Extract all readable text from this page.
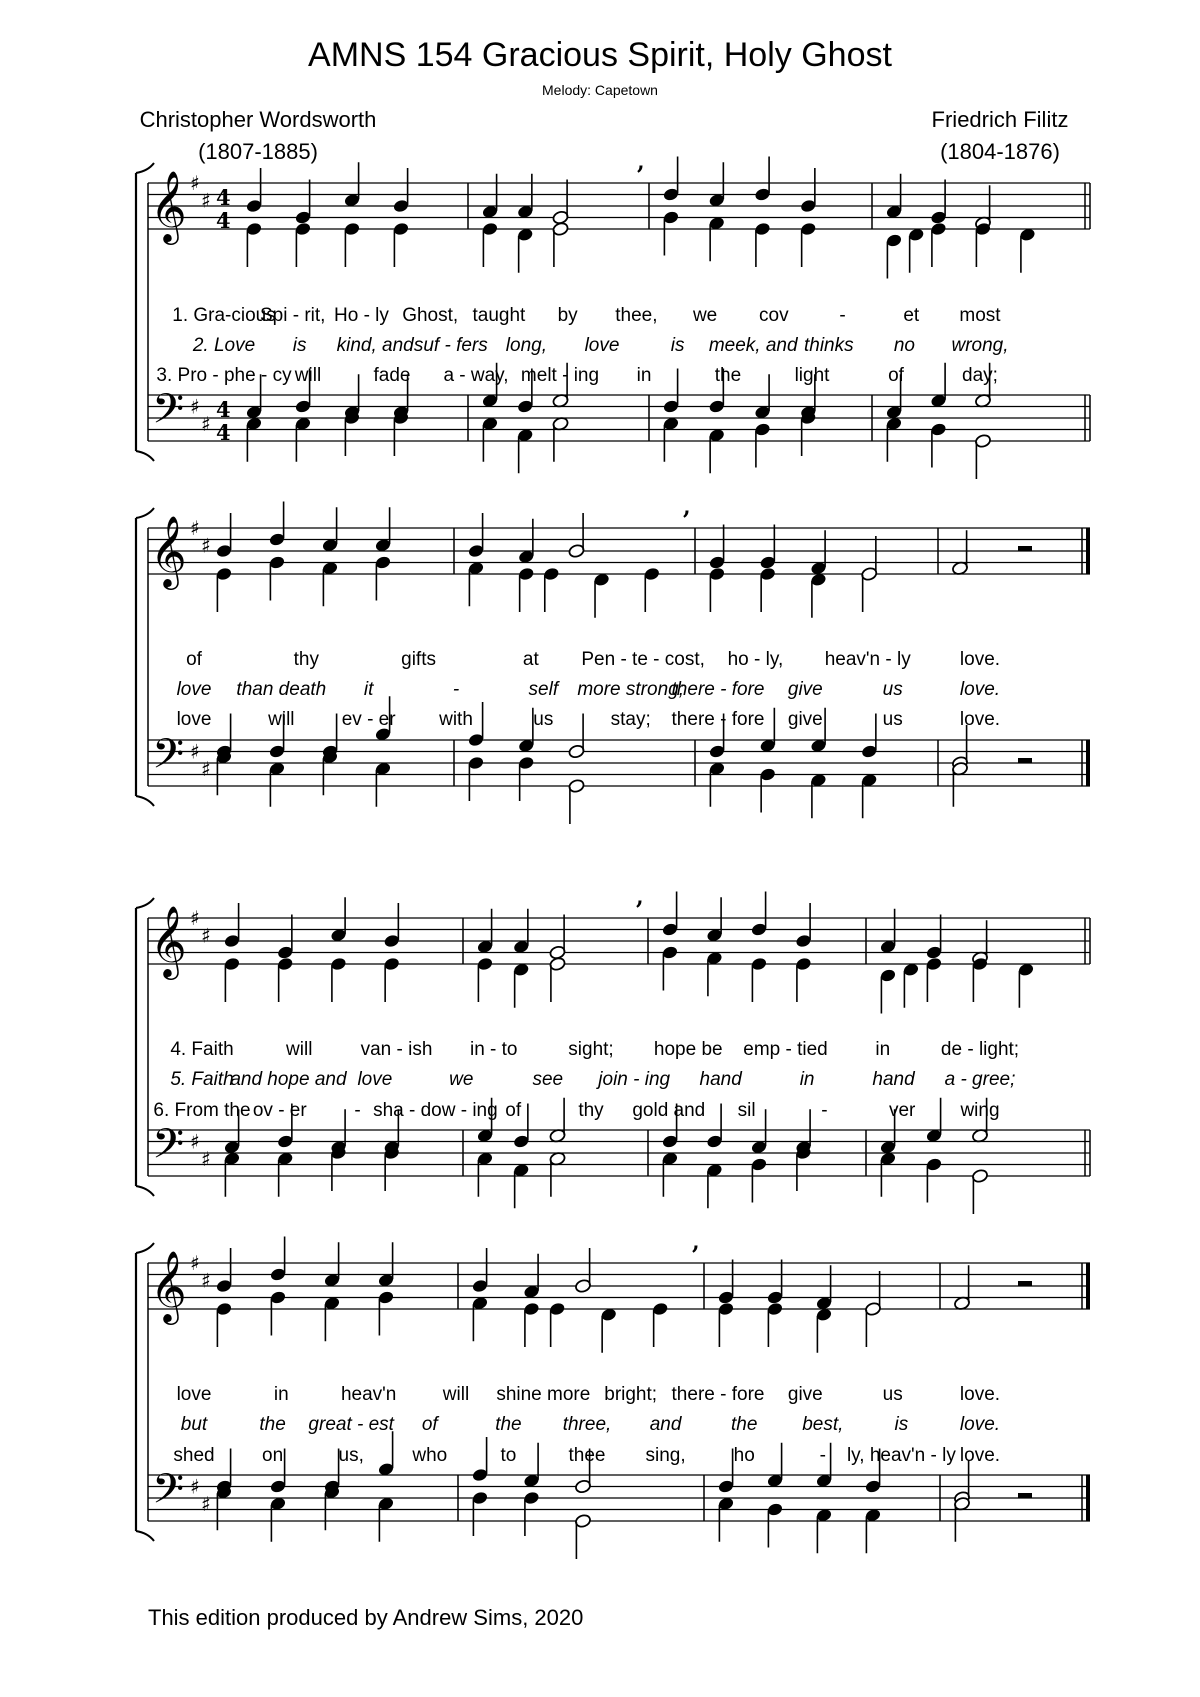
AMNS 154 Gracious Spirit, Holy Ghost
Melody: Capetown
Christopher Wordsworth
(1807-1885)
Friedrich Filitz
(1804-1876)
𝄞
𝄢
♯
♯
♯
♯
4
4
4
4
,
1. Gra-cious
Spi - rit, Ho - ly Ghost, taught by thee, we cov	-	et most
2. Love is kind, and suf - fers long, love	is meek, and thinks no wrong,
3. Pro - phe - cy will	fade a - way, melt - ing in	the	light	of	day;
𝄞
𝄢
♯
♯
♯
♯
,
of	thy	gifts	at Pen - te - cost, ho - ly, heav'n - ly	love.
love than death it	-	self more strong;
there - fore give	us	love.
love	will ev - er with	us	stay; there - fore give	us	love.
𝄞
𝄢
♯
♯
♯
♯
,
4. Faith	will	van - ish in - to	sight; hope be emp - tied	in	de - light;
5. Faith
and hope and love	we	see join - ing hand	in	hand a - gree;
6. From the ov - er	- sha - dow - ing of	thy gold and sil	-	ver wing
𝄞
𝄢
♯
♯
♯
♯
,
love	in	heav'n will shine more bright; there - fore give	us	love.
but	the great - est of	the three, and	the best,	is	love.
shed on	us,	who	to	thee sing,	ho	- ly, heav'n - ly love.
This edition produced by Andrew Sims, 2020
